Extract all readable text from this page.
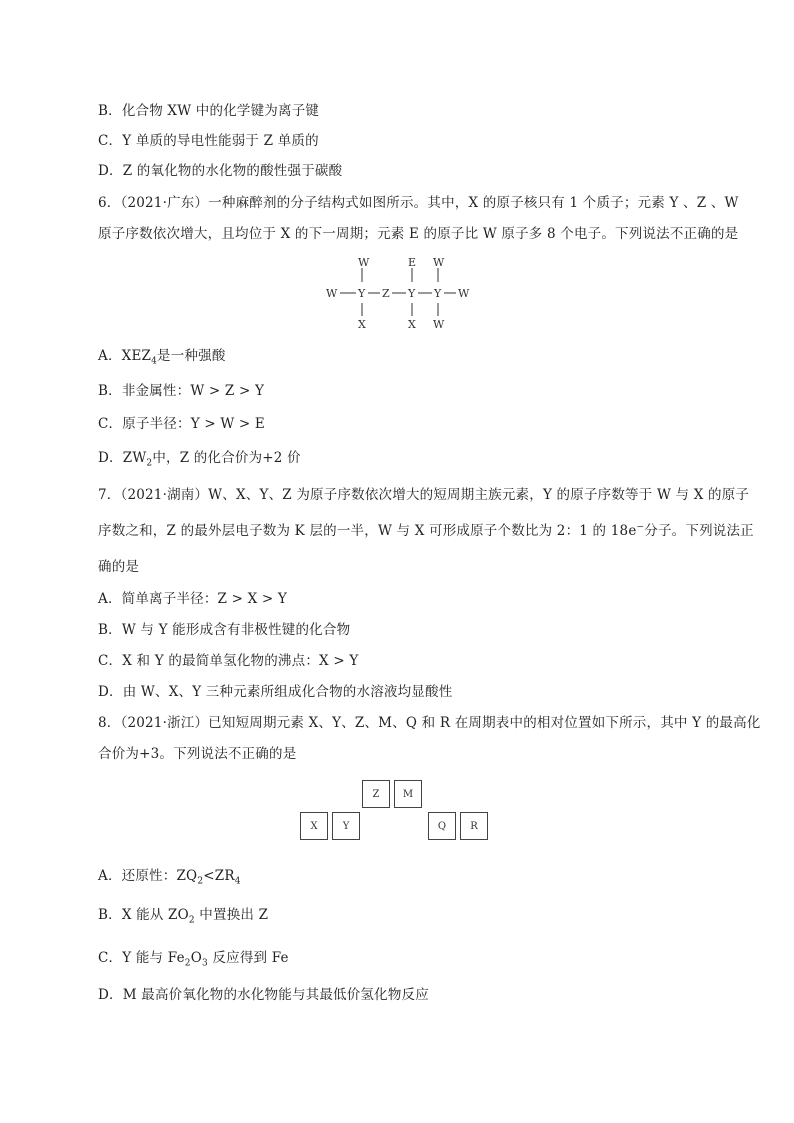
B．化合物 XW 中的化学键为离子键
C．Y 单质的导电性能弱于 Z 单质的
D．Z 的氧化物的水化物的酸性强于碳酸
6．（2021·广东）一种麻醉剂的分子结构式如图所示。其中，X 的原子核只有 1 个质子；元素 Y 、Z 、W
原子序数依次增大，且均位于 X 的下一周期；元素 E 的原子比 W 原子多 8 个电子。下列说法不正确的是
W	E W
W Y Z Y Y W
X	X W
A．$XEZ_4$是一种强酸
B．非金属性：W > Z > Y
C．原子半径：Y > W > E
D．$ZW_2$中，Z 的化合价为+2 价
7．（2021·湖南）W、X、Y、Z 为原子序数依次增大的短周期主族元素，Y 的原子序数等于 W 与 X 的原子
序数之和，Z 的最外层电子数为 K 层的一半，W 与 X 可形成原子个数比为 2：1 的 18e−分子。下列说法正
确的是
A．简单离子半径：Z > X > Y
B．W 与 Y 能形成含有非极性键的化合物
C．X 和 Y 的最简单氢化物的沸点：X > Y
D．由 W、X、Y 三种元素所组成化合物的水溶液均显酸性
8．（2021·浙江）已知短周期元素 X、Y、Z、M、Q 和 R 在周期表中的相对位置如下所示，其中 Y 的最高化
合价为+3。下列说法不正确的是
Z	M
X	Y	Q	R
A．还原性：$ZQ_2<ZR_4$
B．X 能从 $ZO_2$ 中置换出 Z
C．Y 能与 $Fe_2O_3$ 反应得到 Fe
D．M 最高价氧化物的水化物能与其最低价氢化物反应
